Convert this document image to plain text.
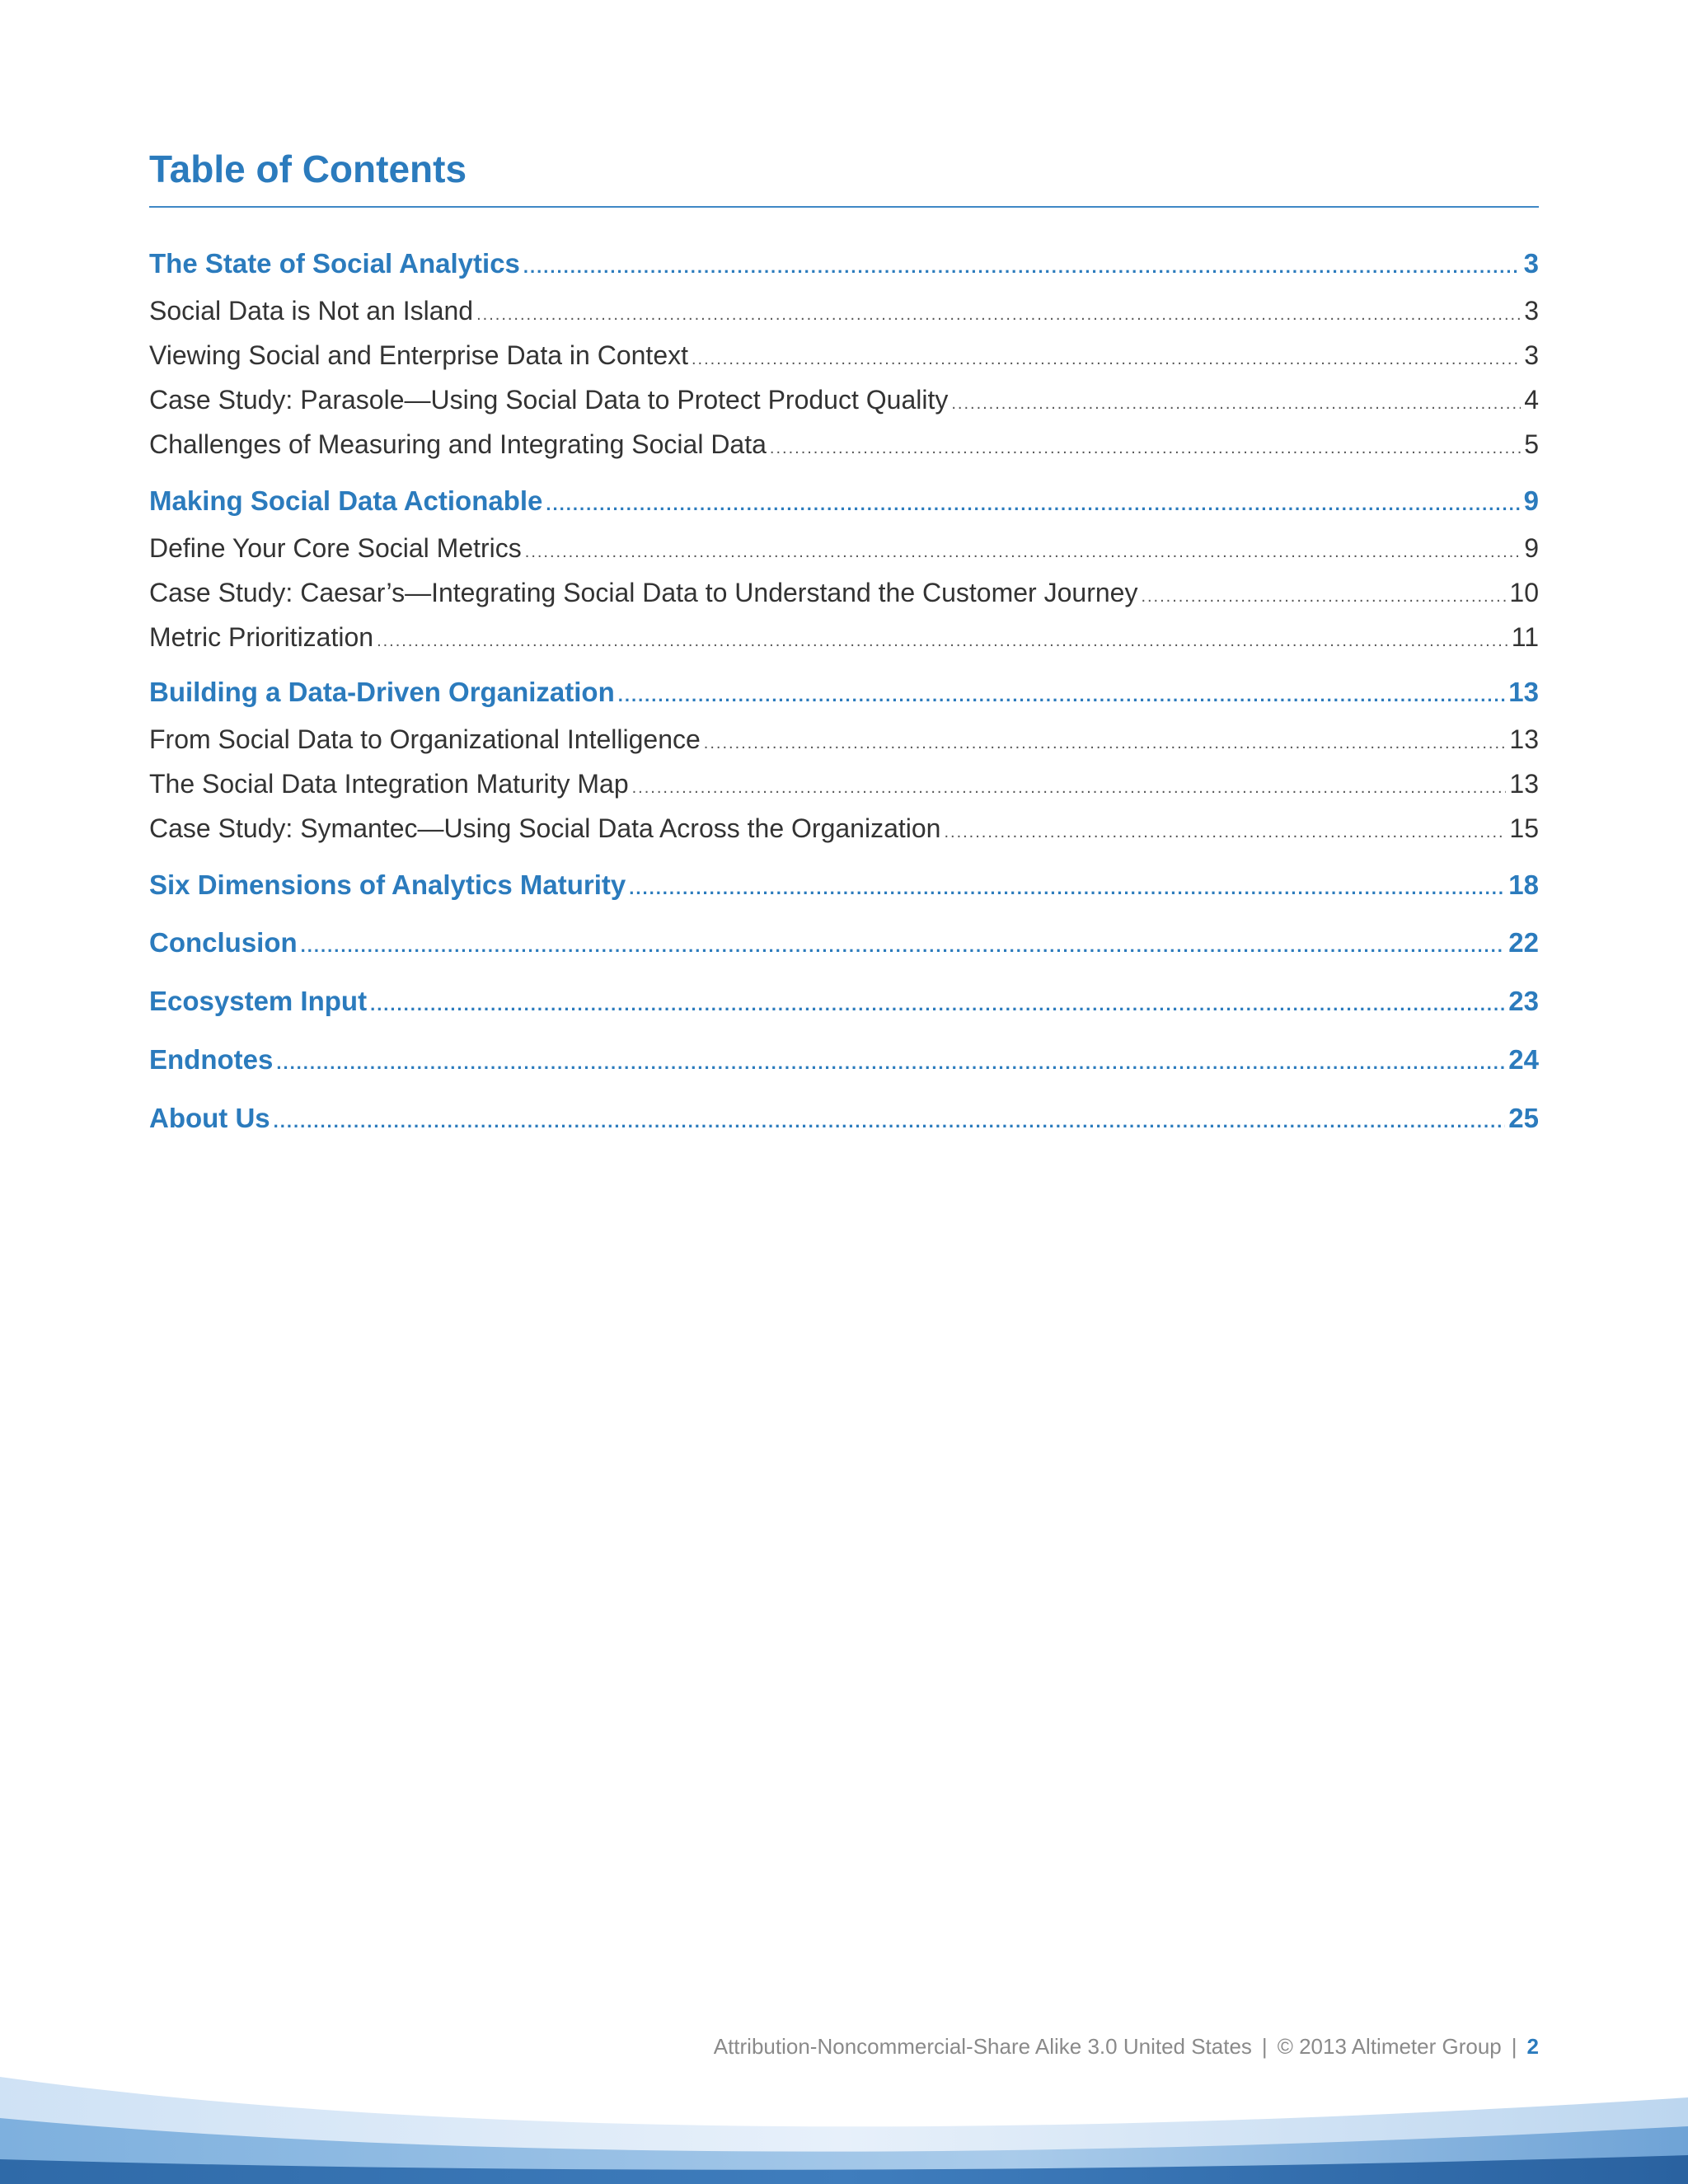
Table of Contents
The State of Social Analytics .....	3
Social Data is Not an Island .....	3
Viewing Social and Enterprise Data in Context .....	3
Case Study: Parasole—Using Social Data to Protect Product Quality .....	4
Challenges of Measuring and Integrating Social Data .....	5
Making Social Data Actionable .....	9
Define Your Core Social Metrics .....	9
Case Study: Caesar’s—Integrating Social Data to Understand the Customer Journey .....	10
Metric Prioritization .....	11
Building a Data-Driven Organization .....	13
From Social Data to Organizational Intelligence .....	13
The Social Data Integration Maturity Map .....	13
Case Study: Symantec—Using Social Data Across the Organization .....	15
Six Dimensions of Analytics Maturity .....	18
Conclusion .....	22
Ecosystem Input .....	23
Endnotes .....	24
About Us .....	25
Attribution-Noncommercial-Share Alike 3.0 United States | © 2013 Altimeter Group | 2
